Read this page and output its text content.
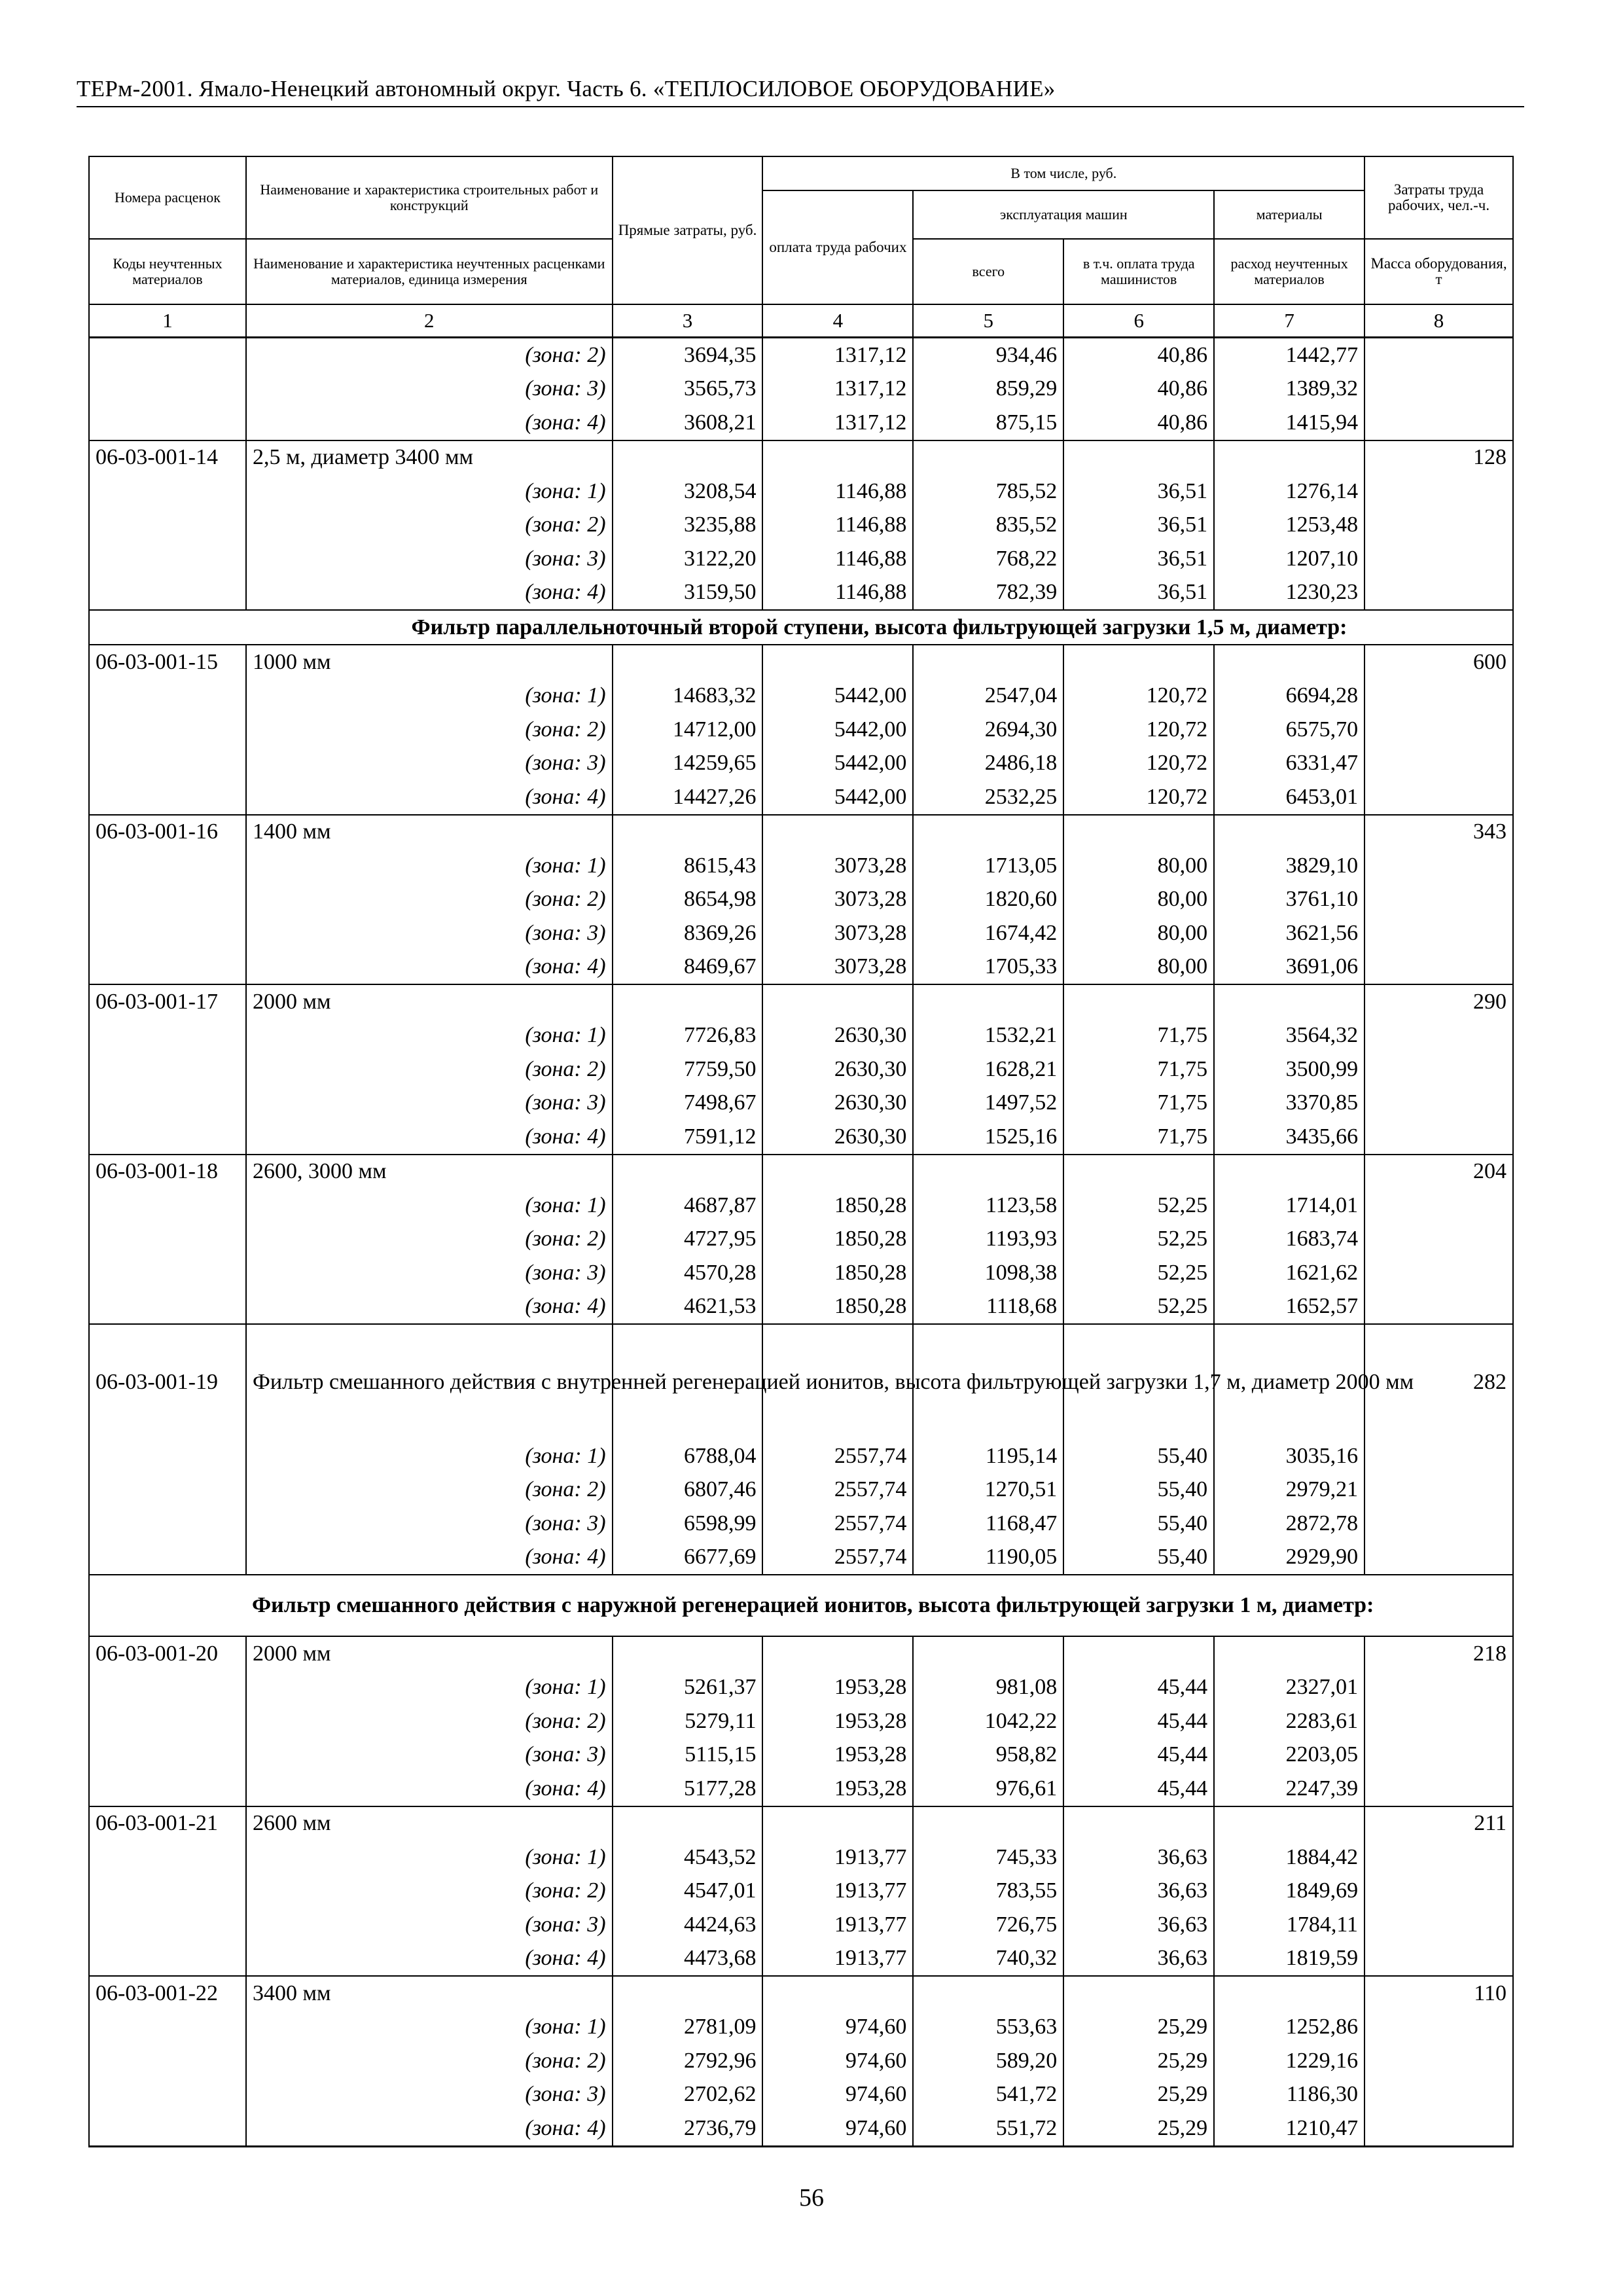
ТЕРм-2001. Ямало-Ненецкий автономный округ. Часть 6. «ТЕПЛОСИЛОВОЕ ОБОРУДОВАНИЕ»
Номера расценок	Наименование и характеристика строительных работ и конструкций	Прямые затраты, руб.	В том числе, руб.				Затраты труда рабочих, чел.-ч.
			оплата труда рабочих	эксплуатация машин		материалы	
Коды неучтенных материалов	Наименование и характеристика неучтенных расценками материалов, единица измерения			всего	в т.ч. оплата труда машинистов	расход неучтенных материалов	Масса оборудования, т
1	2	3	4	5	6	7	8
	(зона: 2)	3694,35	1317,12	934,46	40,86	1442,77	
	(зона: 3)	3565,73	1317,12	859,29	40,86	1389,32	
	(зона: 4)	3608,21	1317,12	875,15	40,86	1415,94	
06-03-001-14	2,5 м, диаметр 3400 мм						128
	(зона: 1)	3208,54	1146,88	785,52	36,51	1276,14	
	(зона: 2)	3235,88	1146,88	835,52	36,51	1253,48	
	(зона: 3)	3122,20	1146,88	768,22	36,51	1207,10	
	(зона: 4)	3159,50	1146,88	782,39	36,51	1230,23	
	Фильтр параллельноточный второй ступени, высота фильтрующей загрузки 1,5 м, диаметр:						
06-03-001-15	1000 мм						600
	(зона: 1)	14683,32	5442,00	2547,04	120,72	6694,28	
	(зона: 2)	14712,00	5442,00	2694,30	120,72	6575,70	
	(зона: 3)	14259,65	5442,00	2486,18	120,72	6331,47	
	(зона: 4)	14427,26	5442,00	2532,25	120,72	6453,01	
06-03-001-16	1400 мм						343
	(зона: 1)	8615,43	3073,28	1713,05	80,00	3829,10	
	(зона: 2)	8654,98	3073,28	1820,60	80,00	3761,10	
	(зона: 3)	8369,26	3073,28	1674,42	80,00	3621,56	
	(зона: 4)	8469,67	3073,28	1705,33	80,00	3691,06	
06-03-001-17	2000 мм						290
	(зона: 1)	7726,83	2630,30	1532,21	71,75	3564,32	
	(зона: 2)	7759,50	2630,30	1628,21	71,75	3500,99	
	(зона: 3)	7498,67	2630,30	1497,52	71,75	3370,85	
	(зона: 4)	7591,12	2630,30	1525,16	71,75	3435,66	
06-03-001-18	2600, 3000 мм						204
	(зона: 1)	4687,87	1850,28	1123,58	52,25	1714,01	
	(зона: 2)	4727,95	1850,28	1193,93	52,25	1683,74	
	(зона: 3)	4570,28	1850,28	1098,38	52,25	1621,62	
	(зона: 4)	4621,53	1850,28	1118,68	52,25	1652,57	
06-03-001-19	Фильтр смешанного действия с внутренней регенерацией ионитов, высота фильтрующей загрузки 1,7 м, диаметр 2000 мм						282
	(зона: 1)	6788,04	2557,74	1195,14	55,40	3035,16	
	(зона: 2)	6807,46	2557,74	1270,51	55,40	2979,21	
	(зона: 3)	6598,99	2557,74	1168,47	55,40	2872,78	
	(зона: 4)	6677,69	2557,74	1190,05	55,40	2929,90	
	Фильтр смешанного действия с наружной регенерацией ионитов, высота фильтрующей загрузки 1 м, диаметр:						
06-03-001-20	2000 мм						218
	(зона: 1)	5261,37	1953,28	981,08	45,44	2327,01	
	(зона: 2)	5279,11	1953,28	1042,22	45,44	2283,61	
	(зона: 3)	5115,15	1953,28	958,82	45,44	2203,05	
	(зона: 4)	5177,28	1953,28	976,61	45,44	2247,39	
06-03-001-21	2600 мм						211
	(зона: 1)	4543,52	1913,77	745,33	36,63	1884,42	
	(зона: 2)	4547,01	1913,77	783,55	36,63	1849,69	
	(зона: 3)	4424,63	1913,77	726,75	36,63	1784,11	
	(зона: 4)	4473,68	1913,77	740,32	36,63	1819,59	
06-03-001-22	3400 мм						110
	(зона: 1)	2781,09	974,60	553,63	25,29	1252,86	
	(зона: 2)	2792,96	974,60	589,20	25,29	1229,16	
	(зона: 3)	2702,62	974,60	541,72	25,29	1186,30	
	(зона: 4)	2736,79	974,60	551,72	25,29	1210,47	
56
